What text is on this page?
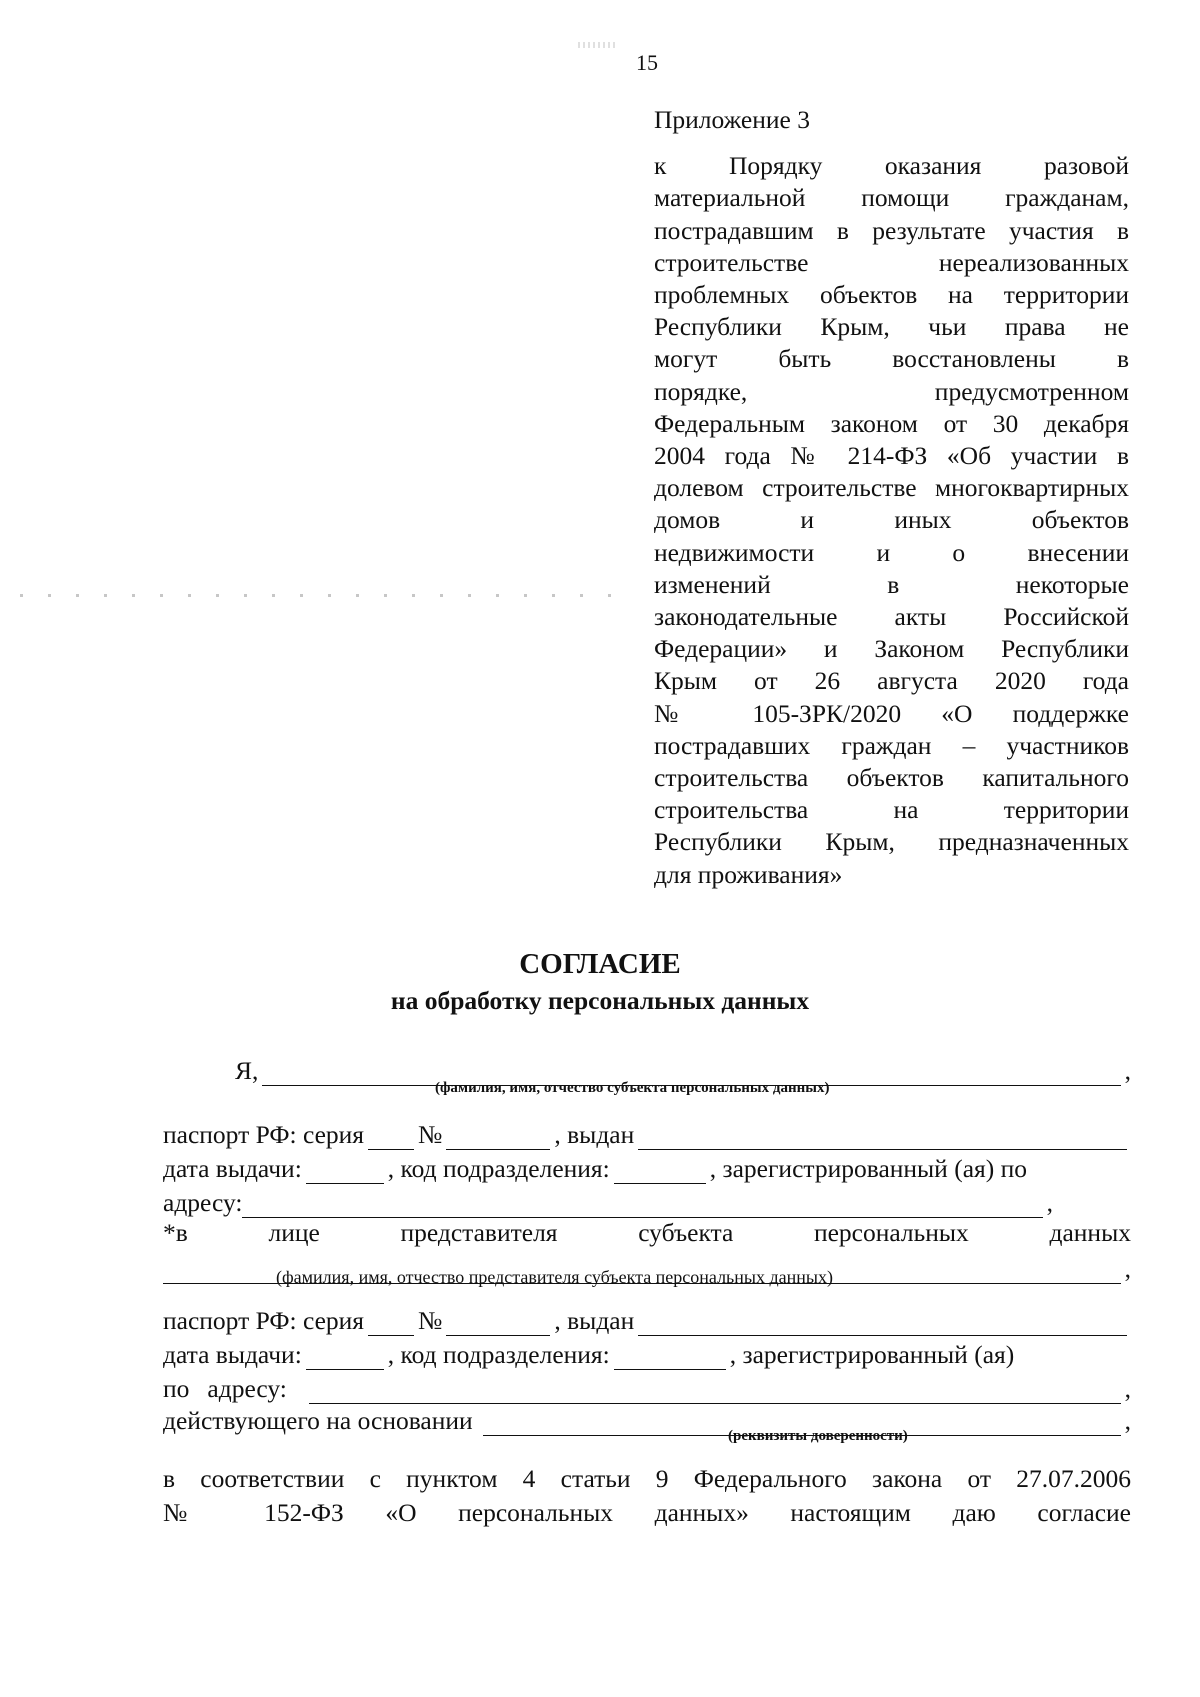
15

Приложение 3

к Порядку оказания разовой
материальной помощи гражданам,
пострадавшим в результате участия в
строительстве нереализованных
проблемных объектов на территории
Республики Крым, чьи права не
могут быть восстановлены в
порядке, предусмотренном
Федеральным законом от 30 декабря
2004 года № 214-ФЗ «Об участии в
долевом строительстве многоквартирных
домов и иных объектов
недвижимости и о внесении
изменений в некоторые
законодательные акты Российской
Федерации» и Законом Республики
Крым от 26 августа 2020 года
№ 105-ЗРК/2020 «О поддержке
пострадавших граждан – участников
строительства объектов капитального
строительства на территории
Республики Крым, предназначенных
для проживания»

СОГЛАСИЕ
на обработку персональных данных
Я,	,
(фамилия, имя, отчество субъекта персональных данных)
паспорт РФ: серия №	, выдан
дата выдачи:	, код подразделения:	, зарегистрированный (ая) по
адресу:	,
*в	лице	представителя	субъекта	персональных	данных
,
(фамилия, имя, отчество представителя субъекта персональных данных)
паспорт РФ: серия №	, выдан
дата выдачи:	, код подразделения:	, зарегистрированный (ая)
по адресу:	,
действующего на основании	,
(реквизиты доверенности)
в соответствии с пунктом 4 статьи 9 Федерального закона от 27.07.2006
№ 152-ФЗ «О персональных данных» настоящим даю согласие
